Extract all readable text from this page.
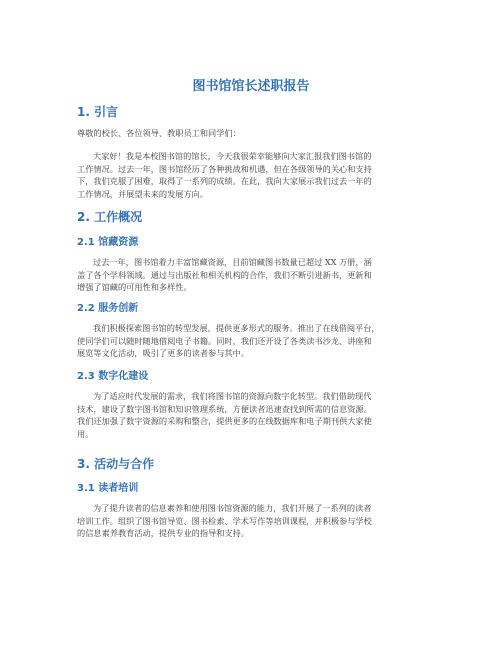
图书馆馆长述职报告
1. 引言

尊敬的校长、各位领导、教职员工和同学们：

大家好！我是本校图书馆的馆长，今天我很荣幸能够向大家汇报我们图书馆的
工作情况。过去一年，图书馆经历了各种挑战和机遇，但在各级领导的关心和支持
下，我们克服了困难，取得了一系列的成绩。在此，我向大家展示我们过去一年的
工作情况，并展望未来的发展方向。

2. 工作概况
2.1 馆藏资源

过去一年，图书馆着力丰富馆藏资源，目前馆藏图书数量已超过 XX 万册，涵
盖了各个学科领域。通过与出版社和相关机构的合作，我们不断引进新书，更新和
增强了馆藏的可用性和多样性。

2.2 服务创新

我们积极探索图书馆的转型发展，提供更多形式的服务。推出了在线借阅平台，
使同学们可以随时随地借阅电子书籍。同时，我们还开设了各类读书沙龙、讲座和
展览等文化活动，吸引了更多的读者参与其中。

2.3 数字化建设

为了适应时代发展的需求，我们将图书馆的资源向数字化转型。我们借助现代
技术，建设了数字图书馆和知识管理系统，方便读者迅速查找到所需的信息资源。
我们还加强了数字资源的采购和整合，提供更多的在线数据库和电子期刊供大家使
用。

3. 活动与合作
3.1 读者培训

为了提升读者的信息素养和使用图书馆资源的能力，我们开展了一系列的读者
培训工作。组织了图书馆导览、图书检索、学术写作等培训课程，并积极参与学校
的信息素养教育活动，提供专业的指导和支持。
